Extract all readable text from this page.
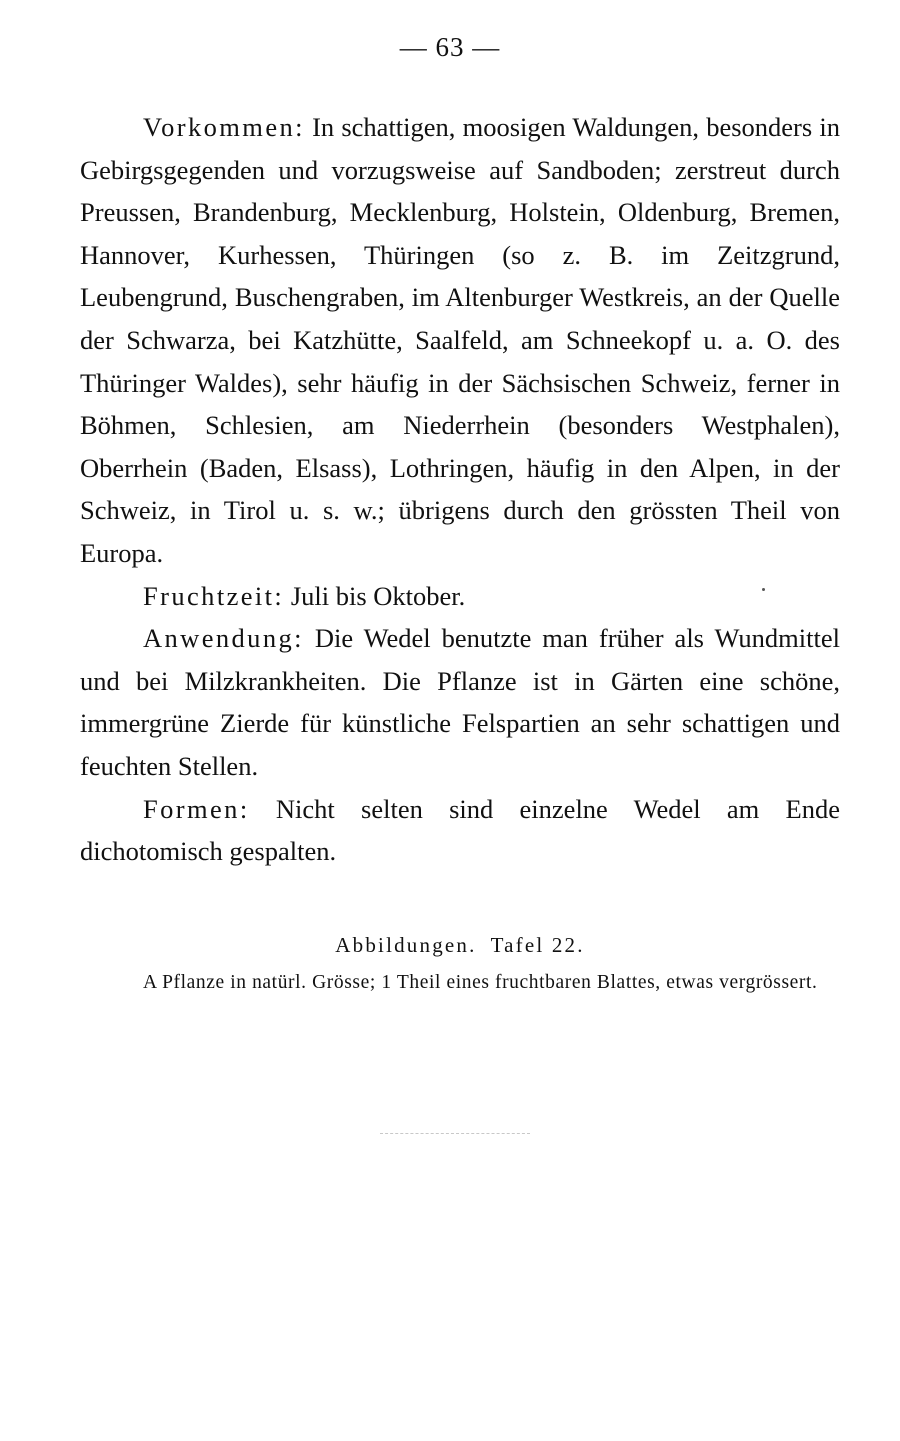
— 63 —

Vorkommen: In schattigen, moosigen Waldungen, besonders in Gebirgsgegenden und vorzugsweise auf Sandboden; zerstreut durch Preussen, Brandenburg, Mecklenburg, Holstein, Oldenburg, Bremen, Hannover, Kurhessen, Thüringen (so z. B. im Zeitzgrund, Leubengrund, Buschengraben, im Altenburger Westkreis, an der Quelle der Schwarza, bei Katzhütte, Saalfeld, am Schneekopf u. a. O. des Thüringer Waldes), sehr häufig in der Sächsischen Schweiz, ferner in Böhmen, Schlesien, am Niederrhein (besonders Westphalen), Oberrhein (Baden, Elsass), Lothringen, häufig in den Alpen, in der Schweiz, in Tirol u. s. w.; übrigens durch den grössten Theil von Europa.

Fruchtzeit: Juli bis Oktober.

Anwendung: Die Wedel benutzte man früher als Wundmittel und bei Milzkrankheiten. Die Pflanze ist in Gärten eine schöne, immergrüne Zierde für künstliche Felspartien an sehr schattigen und feuchten Stellen.

Formen: Nicht selten sind einzelne Wedel am Ende dichotomisch gespalten.

Abbildungen. Tafel 22.

A Pflanze in natürl. Grösse; 1 Theil eines fruchtbaren Blattes, etwas vergrössert.
